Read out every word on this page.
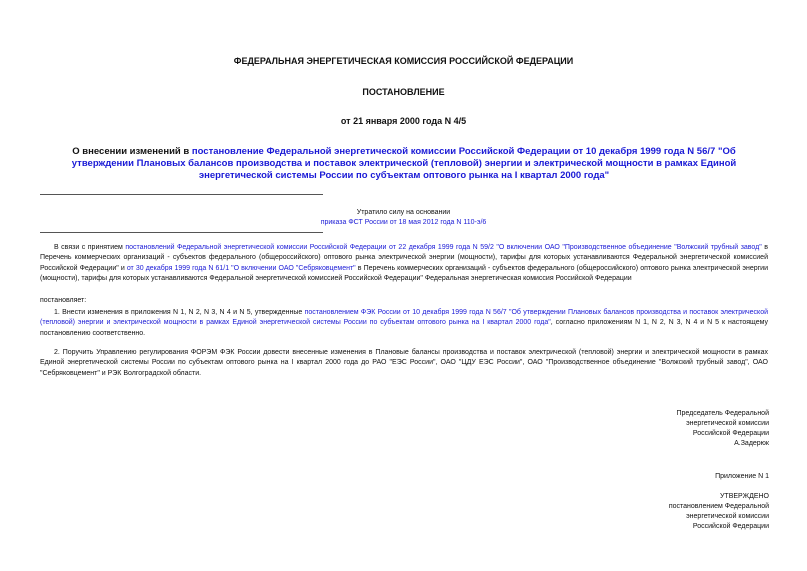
ФЕДЕРАЛЬНАЯ ЭНЕРГЕТИЧЕСКАЯ КОМИССИЯ РОССИЙСКОЙ ФЕДЕРАЦИИ
ПОСТАНОВЛЕНИЕ
от 21 января 2000 года N 4/5
О внесении изменений в постановление Федеральной энергетической комиссии Российской Федерации от 10 декабря 1999 года N 56/7 "Об утверждении Плановых балансов производства и поставок электрической (тепловой) энергии и электрической мощности в рамках Единой энергетической системы России по субъектам оптового рынка на I квартал 2000 года"
Утратило силу на основании
приказа ФСТ России от 18 мая 2012 года N 110-э/6
В связи с принятием постановлений Федеральной энергетической комиссии Российской Федерации от 22 декабря 1999 года N 59/2 "О включении ОАО "Производственное объединение "Волжский трубный завод" в Перечень коммерческих организаций - субъектов федерального (общероссийского) оптового рынка электрической энергии (мощности), тарифы для которых устанавливаются Федеральной энергетической комиссией Российской Федерации" и от 30 декабря 1999 года N 61/1 "О включении ОАО "Себряковцемент" в Перечень коммерческих организаций - субъектов федерального (общероссийского) оптового рынка электрической энергии (мощности), тарифы для которых устанавливаются Федеральной энергетической комиссией Российской Федерации" Федеральная энергетическая комиссия Российской Федерации
постановляет:
1. Внести изменения в приложения N 1, N 2, N 3, N 4 и N 5, утвержденные постановлением ФЭК России от 10 декабря 1999 года N 56/7 "Об утверждении Плановых балансов производства и поставок электрической (тепловой) энергии и электрической мощности в рамках Единой энергетической системы России по субъектам оптового рынка на I квартал 2000 года", согласно приложениям N 1, N 2, N 3, N 4 и N 5 к настоящему постановлению соответственно.
2. Поручить Управлению регулирования ФОРЭМ ФЭК России довести внесенные изменения в Плановые балансы производства и поставок электрической (тепловой) энергии и электрической мощности в рамках Единой энергетической системы России по субъектам оптового рынка на I квартал 2000 года до РАО "ЕЭС России", ОАО "ЦДУ ЕЭС России", ОАО "Производственное объединение "Волжский трубный завод", ОАО "Себряковцемент" и РЭК Волгоградской области.
Председатель Федеральной
энергетической комиссии
Российской Федерации
А.Задерюк
Приложение N 1
УТВЕРЖДЕНО
постановлением Федеральной
энергетической комиссии
Российской Федерации
